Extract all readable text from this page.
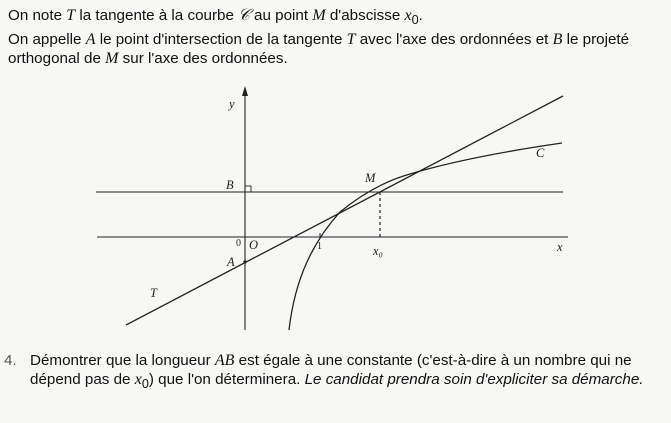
On note T la tangente à la courbe 𝒞 au point M d'abscisse $x_0$.
On appelle A le point d'intersection de la tangente T avec l'axe des ordonnées et B le projeté orthogonal de M sur l'axe des ordonnées.

y
x
B	M
C
0 O	1	x₀
A
T

4. Démontrer que la longueur AB est égale à une constante (c'est-à-dire à un nombre qui ne dépend pas de $x_0$) que l'on déterminera. Le candidat prendra soin d'expliciter sa démarche.
